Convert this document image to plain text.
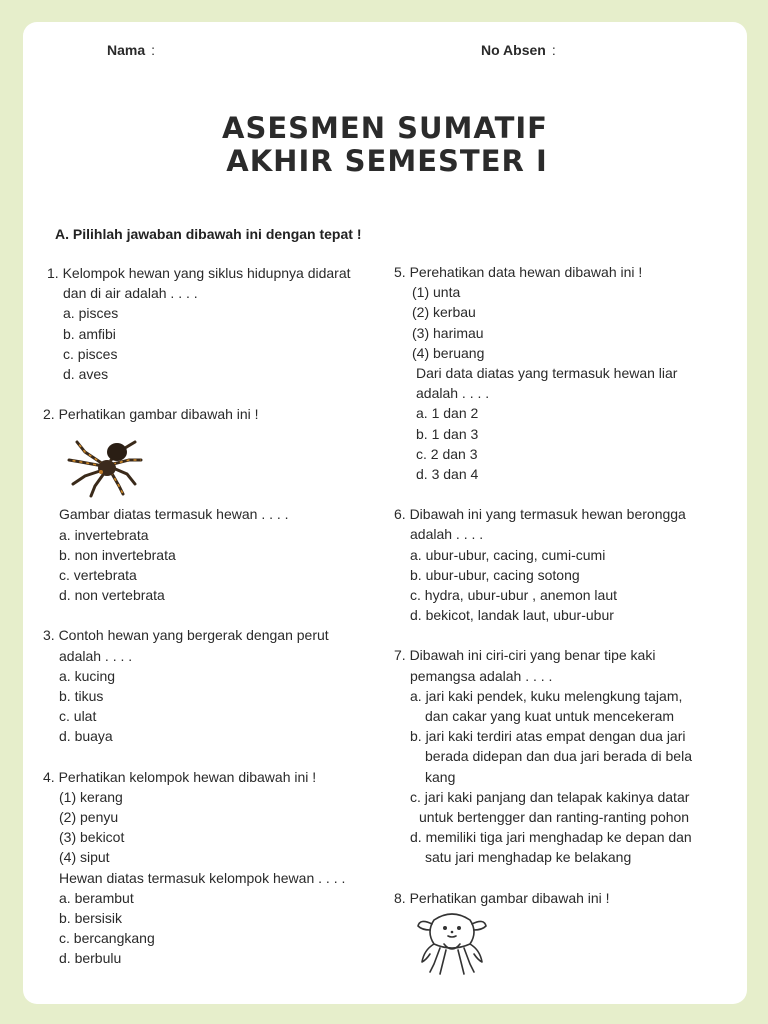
Nama :	No Absen :
ASESMEN SUMATIF
AKHIR SEMESTER I
A. Pilihlah jawaban dibawah ini dengan tepat !
1. Kelompok hewan yang siklus hidupnya didarat
dan di air adalah . . . .
a. pisces
b. amfibi
c. pisces
d. aves
2. Perhatikan gambar dibawah ini !
Gambar diatas termasuk hewan . . . .
a. invertebrata
b. non invertebrata
c. vertebrata
d. non vertebrata
3. Contoh hewan yang bergerak dengan perut
adalah . . . .
a. kucing
b. tikus
c. ulat
d. buaya
4. Perhatikan kelompok hewan dibawah ini !
(1) kerang
(2) penyu
(3) bekicot
(4) siput
Hewan diatas termasuk kelompok hewan . . . .
a. berambut
b. bersisik
c. bercangkang
d. berbulu
5. Perehatikan data hewan dibawah ini !
(1) unta
(2) kerbau
(3) harimau
(4) beruang
Dari data diatas yang termasuk hewan liar
adalah . . . .
a. 1 dan 2
b. 1 dan 3
c. 2 dan 3
d. 3 dan 4
6. Dibawah ini yang termasuk hewan berongga
adalah . . . .
a. ubur-ubur, cacing, cumi-cumi
b. ubur-ubur, cacing sotong
c. hydra, ubur-ubur , anemon laut
d. bekicot, landak laut, ubur-ubur
7. Dibawah ini ciri-ciri yang benar tipe kaki
pemangsa adalah . . . .
a. jari kaki pendek, kuku melengkung tajam,
dan cakar yang kuat untuk mencekeram
b. jari kaki terdiri atas empat dengan dua jari
berada didepan dan dua jari berada di bela
kang
c. jari kaki panjang dan telapak kakinya datar
untuk bertengger dan ranting-ranting pohon
d. memiliki tiga jari menghadap ke depan dan
satu jari menghadap ke belakang
8. Perhatikan gambar dibawah ini !
